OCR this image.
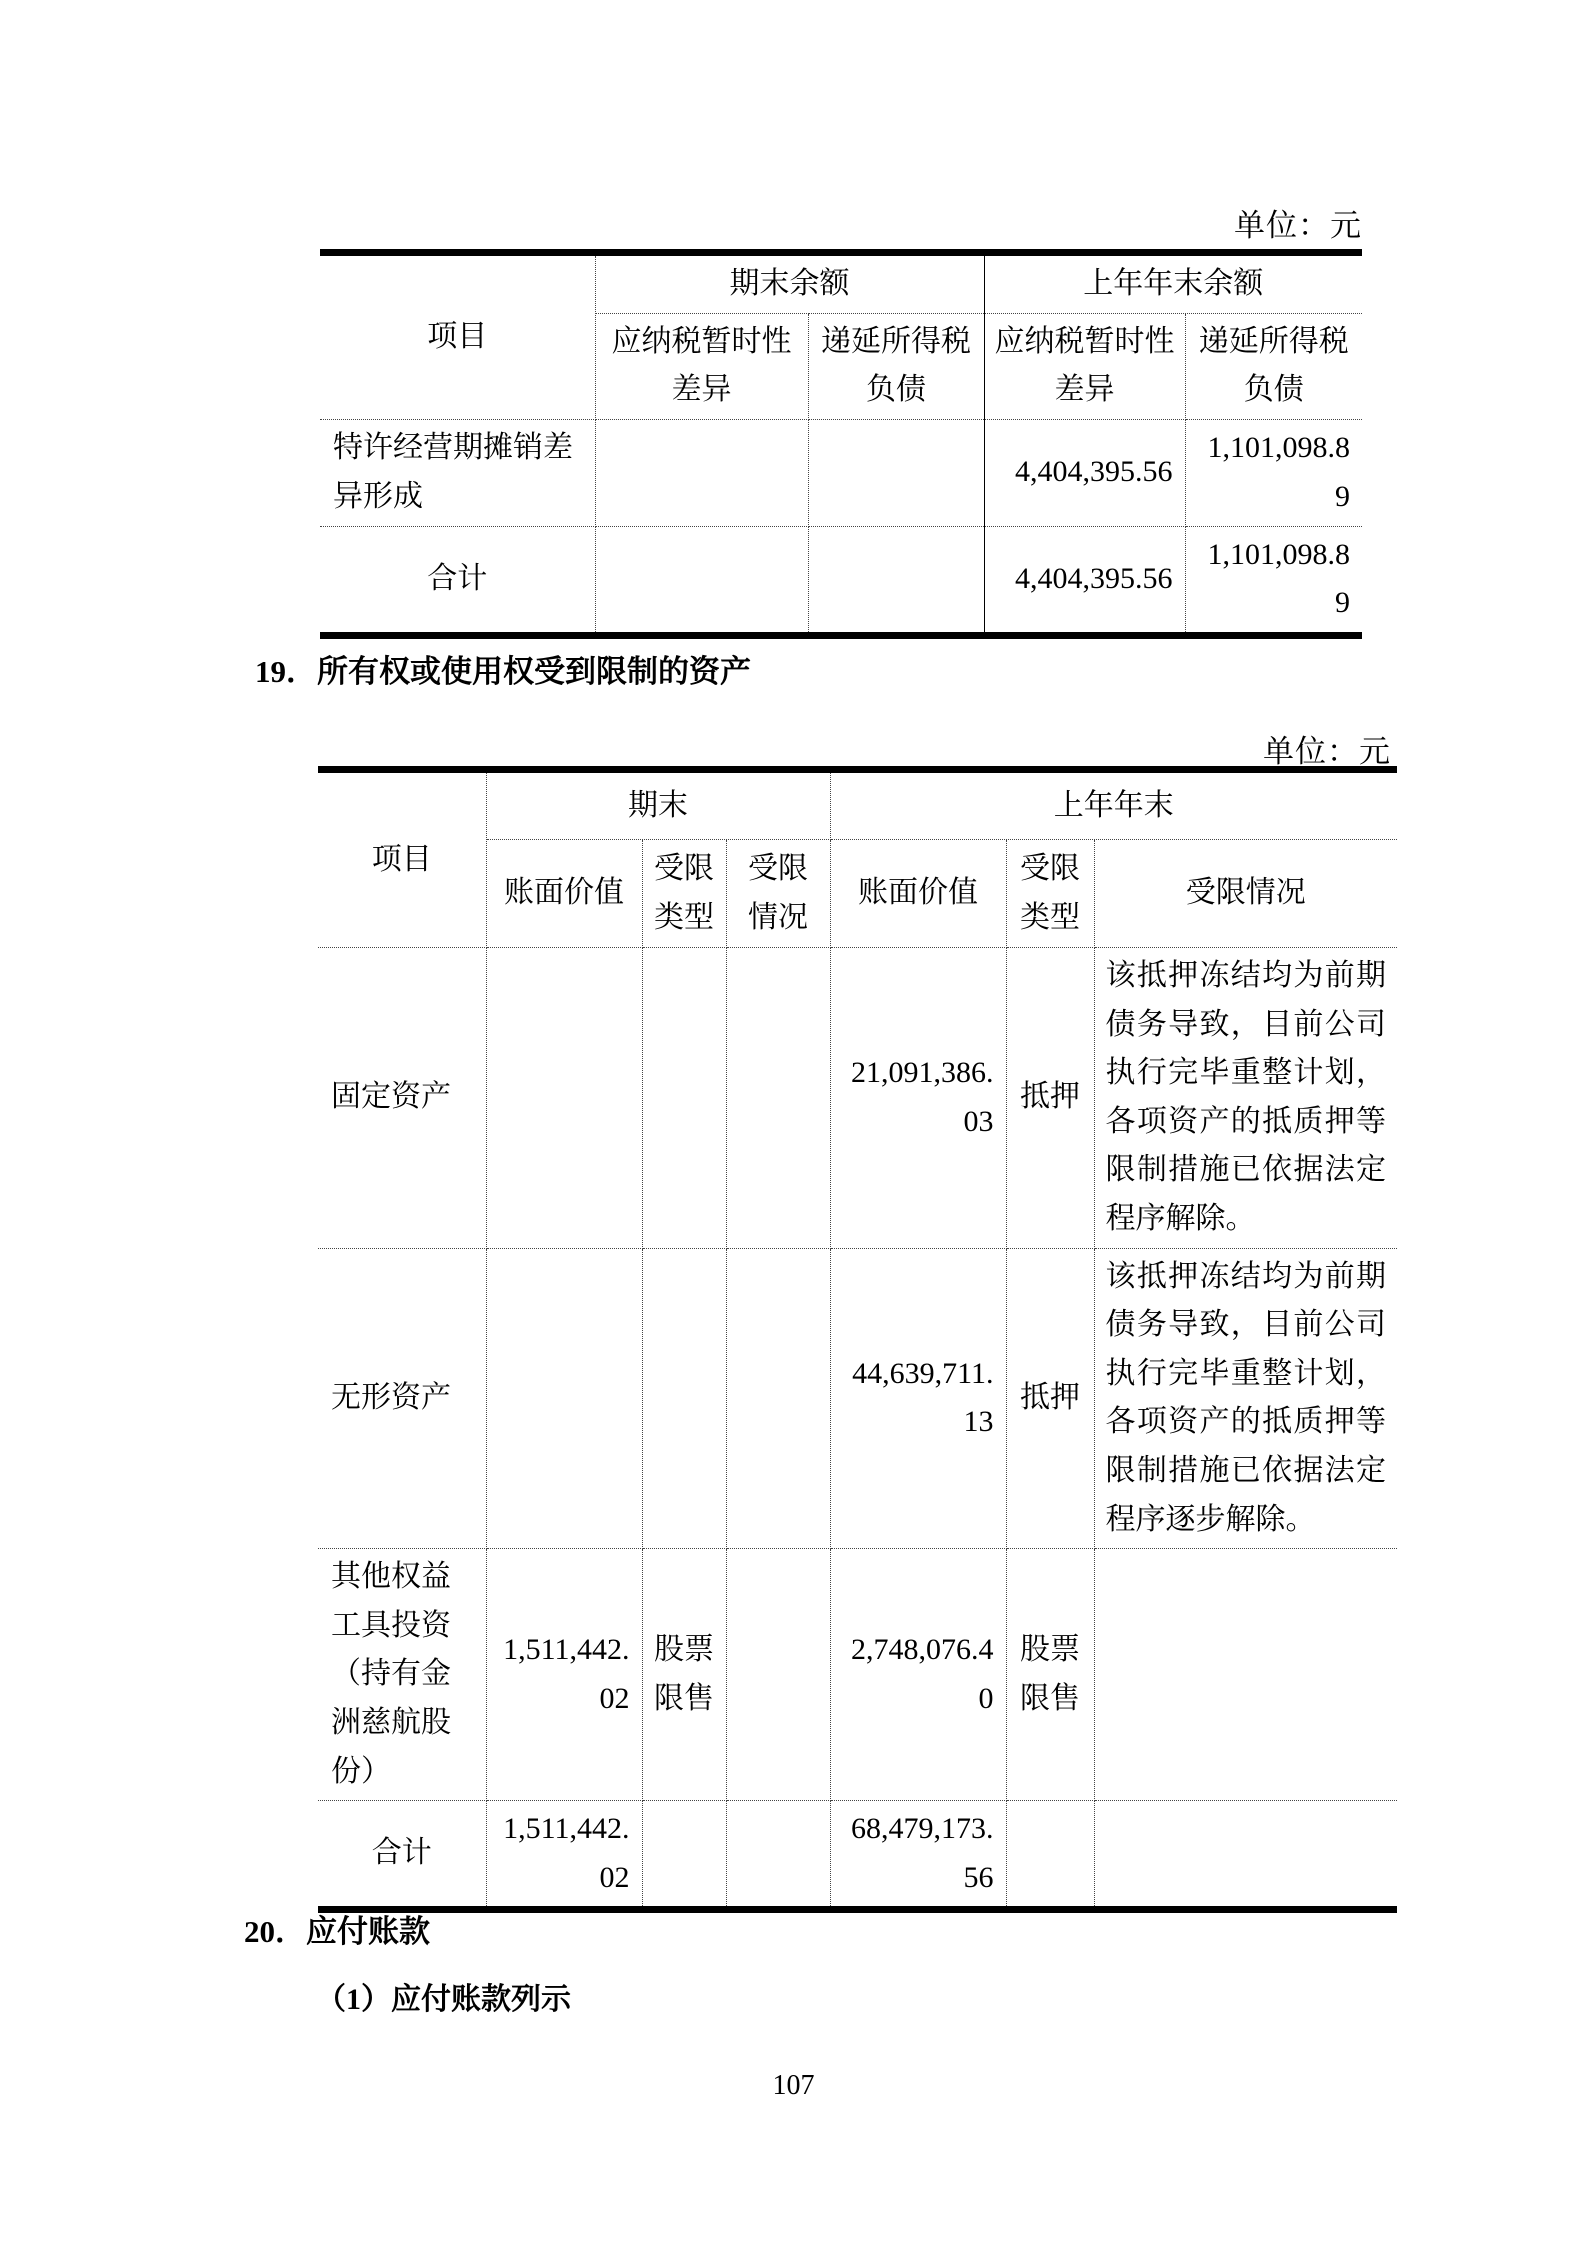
单位：元
项目	期末余额		上年年末余额	
	应纳税暂时性差异	递延所得税负债	应纳税暂时性差异	递延所得税负债
特许经营期摊销差异形成			4,404,395.56	1,101,098.89
合计			4,404,395.56	1,101,098.89
19．所有权或使用权受到限制的资产
单位：元
项目	期末			上年年末		
	账面价值	受限类型	受限情况	账面价值	受限类型	受限情况
固定资产				21,091,386.03	抵押	该抵押冻结均为前期债务导致，目前公司执行完毕重整计划，各项资产的抵质押等限制措施已依据法定程序解除。
无形资产				44,639,711.13	抵押	该抵押冻结均为前期债务导致，目前公司执行完毕重整计划，各项资产的抵质押等限制措施已依据法定程序逐步解除。
其他权益工具投资（持有金洲慈航股份）	1,511,442.02	股票限售		2,748,076.40	股票限售	
合计	1,511,442.02			68,479,173.56		
20．应付账款
（1）应付账款列示
107
